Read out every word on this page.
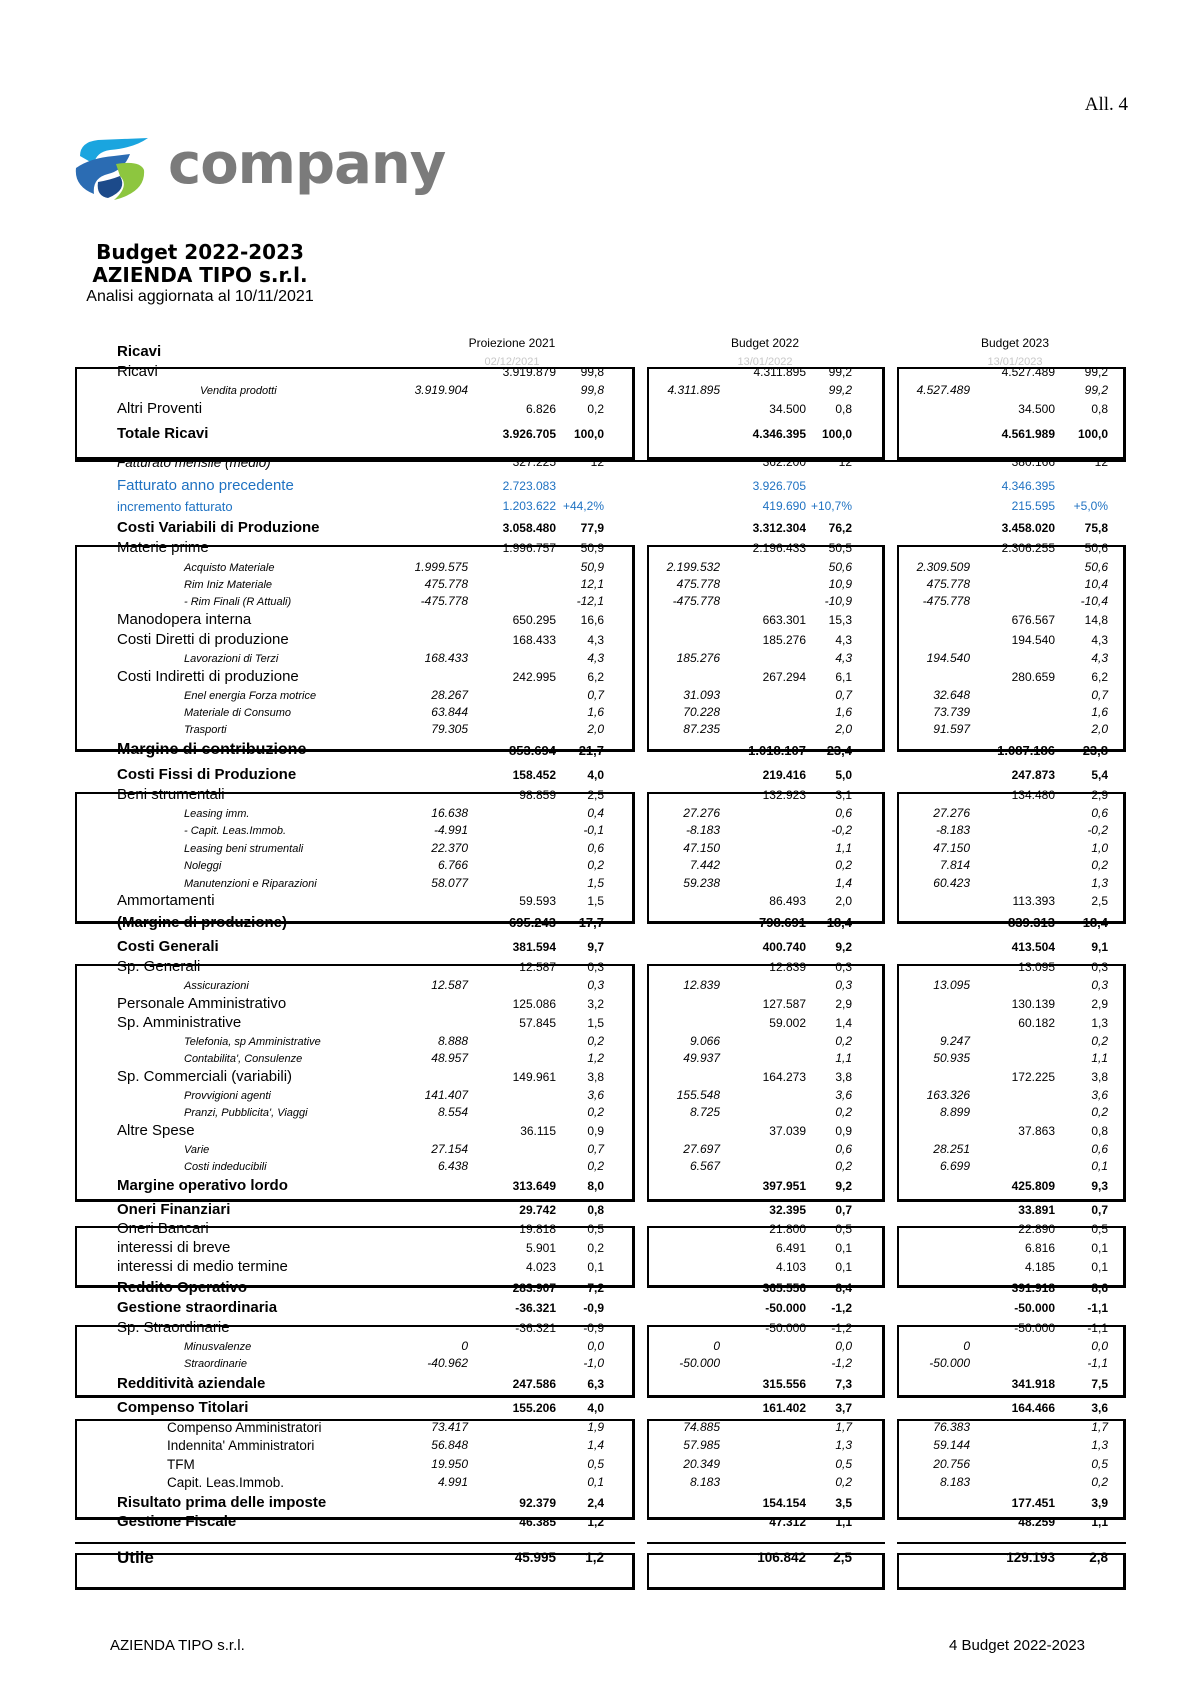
All. 4
company
Budget 2022-2023
AZIENDA TIPO s.r.l.
Analisi aggiornata al 10/11/2021
Proiezione 2021
02/12/2021
Budget 2022
13/01/2022
Budget 2023
13/01/2023
Ricavi
Ricavi	3.919.879 99,8	4.311.895 99,2	4.527.489 99,2
Vendita prodotti	3.919.904	99,8	4.311.895	99,2	4.527.489	99,2
Altri Proventi	6.826	0,2	34.500 0,8	34.500	0,8
Totale Ricavi	3.926.705 100,0	4.346.395 100,0	4.561.989 100,0
Fatturato mensile (medio)	327.225	12	362.200	12	380.166	12
Fatturato anno precedente	2.723.083	3.926.705	4.346.395
incremento fatturato	1.203.622 +44,2%	419.690 +10,7%	215.595 +5,0%
Costi Variabili di Produzione	3.058.480 77,9	3.312.304 76,2	3.458.020 75,8
Materie prime	1.996.757 50,9	2.196.433 50,5	2.306.255 50,6
Acquisto Materiale	1.999.575	50,9	2.199.532	50,6	2.309.509	50,6
Rim Iniz Materiale	475.778	12,1	475.778	10,9	475.778	10,4
- Rim Finali (R Attuali)	-475.778	-12,1	-475.778	-10,9	-475.778	-10,4
Manodopera interna	650.295 16,6	663.301 15,3	676.567 14,8
Costi Diretti di produzione	168.433	4,3	185.276 4,3	194.540	4,3
Lavorazioni di Terzi	168.433	4,3	185.276	4,3	194.540	4,3
Costi Indiretti di produzione	242.995	6,2	267.294 6,1	280.659	6,2
Enel energia Forza motrice	28.267	0,7	31.093	0,7	32.648	0,7
Materiale di Consumo	63.844	1,6	70.228	1,6	73.739	1,6
Trasporti	79.305	2,0	87.235	2,0	91.597	2,0
Margine di contribuzione	853.694 21,7	1.018.107 23,4	1.087.186 23,8
Costi Fissi di Produzione	158.452	4,0	219.416 5,0	247.873	5,4
Beni strumentali	98.859	2,5	132.923 3,1	134.480	2,9
Leasing imm.	16.638	0,4	27.276	0,6	27.276	0,6
- Capit. Leas.Immob.	-4.991	-0,1	-8.183	-0,2	-8.183	-0,2
Leasing beni strumentali	22.370	0,6	47.150	1,1	47.150	1,0
Noleggi	6.766	0,2	7.442	0,2	7.814	0,2
Manutenzioni e Riparazioni	58.077	1,5	59.238	1,4	60.423	1,3
Ammortamenti	59.593	1,5	86.493 2,0	113.393	2,5
(Margine di produzione)	695.243 17,7	798.691 18,4	839.313 18,4
Costi Generali	381.594	9,7	400.740 9,2	413.504	9,1
Sp. Generali	12.587	0,3	12.839 0,3	13.095	0,3
Assicurazioni	12.587	0,3	12.839	0,3	13.095	0,3
Personale Amministrativo	125.086	3,2	127.587 2,9	130.139	2,9
Sp. Amministrative	57.845	1,5	59.002 1,4	60.182	1,3
Telefonia, sp Amministrative	8.888	0,2	9.066	0,2	9.247	0,2
Contabilita', Consulenze	48.957	1,2	49.937	1,1	50.935	1,1
Sp. Commerciali (variabili)	149.961	3,8	164.273 3,8	172.225	3,8
Provvigioni agenti	141.407	3,6	155.548	3,6	163.326	3,6
Pranzi, Pubblicita', Viaggi	8.554	0,2	8.725	0,2	8.899	0,2
Altre Spese	36.115	0,9	37.039 0,9	37.863	0,8
Varie	27.154	0,7	27.697	0,6	28.251	0,6
Costi indeducibili	6.438	0,2	6.567	0,2	6.699	0,1
Margine operativo lordo	313.649	8,0	397.951 9,2	425.809	9,3
Oneri Finanziari	29.742	0,8	32.395 0,7	33.891	0,7
Oneri Bancari	19.818	0,5	21.800 0,5	22.890	0,5
interessi di breve	5.901	0,2	6.491 0,1	6.816	0,1
interessi di medio termine	4.023	0,1	4.103 0,1	4.185	0,1
Reddito Operativo	283.907	7,2	365.556 8,4	391.918	8,6
Gestione straordinaria	-36.321 -0,9	-50.000 -1,2	-50.000	-1,1
Sp. Straordinarie	-36.321 -0,9	-50.000 -1,2	-50.000	-1,1
Minusvalenze	0	0,0	0	0,0	0	0,0
Straordinarie	-40.962	-1,0	-50.000	-1,2	-50.000	-1,1
Redditività aziendale	247.586	6,3	315.556 7,3	341.918	7,5
Compenso Titolari	155.206	4,0	161.402 3,7	164.466	3,6
Compenso Amministratori	73.417	1,9	74.885	1,7	76.383	1,7
Indennita' Amministratori	56.848	1,4	57.985	1,3	59.144	1,3
TFM	19.950	0,5	20.349	0,5	20.756	0,5
Capit. Leas.Immob.	4.991	0,1	8.183	0,2	8.183	0,2
Risultato prima delle imposte	92.379	2,4	154.154 3,5	177.451	3,9
Gestione Fiscale	46.385	1,2	47.312 1,1	48.259	1,1
Utile	45.995 1,2	106.842 2,5	129.193	2,8
AZIENDA TIPO s.r.l.	4 Budget 2022-2023
